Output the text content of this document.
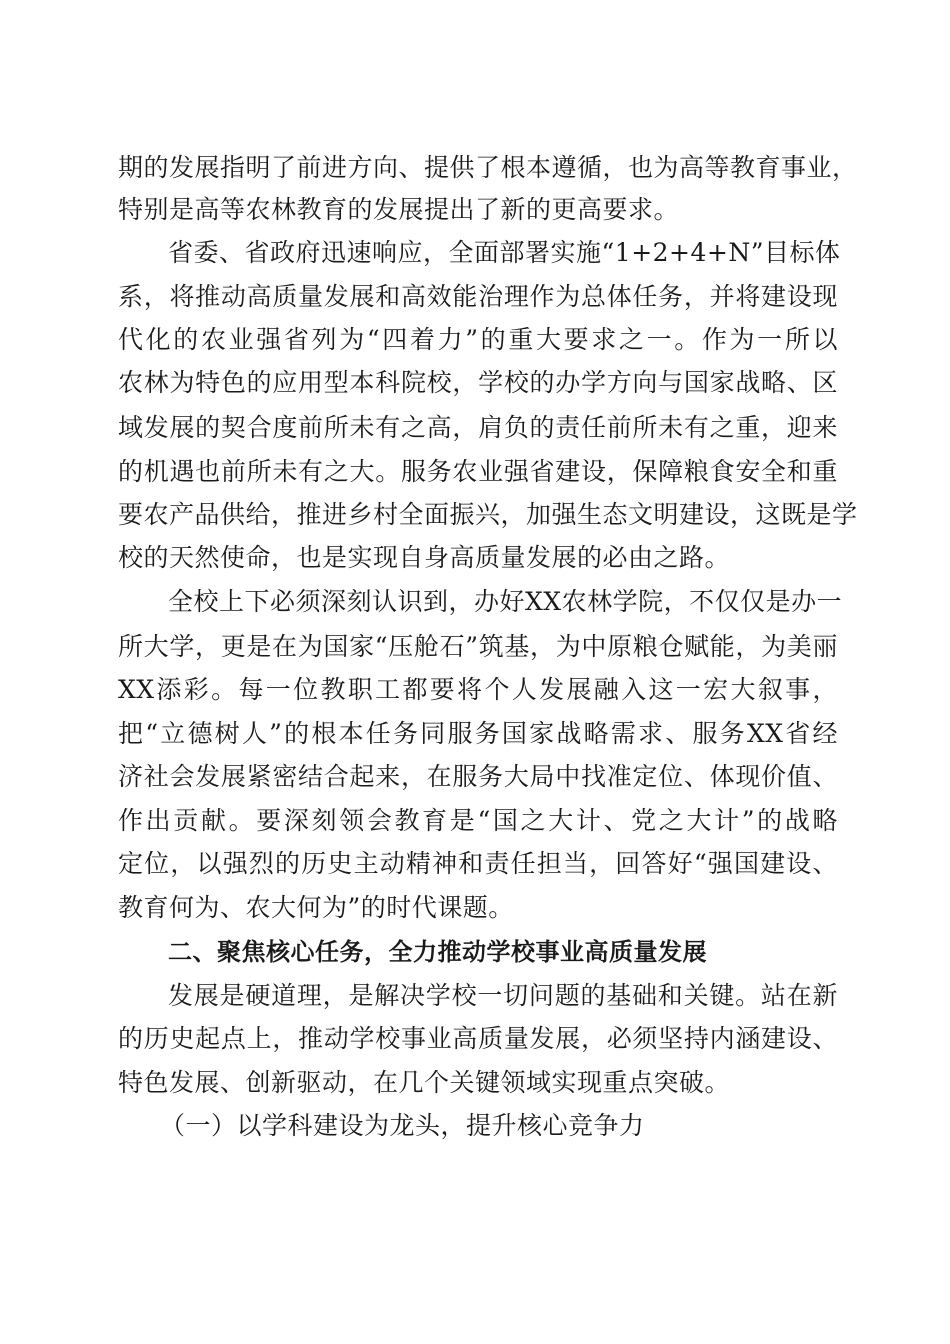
期的发展指明了前进方向、提供了根本遵循，也为高等教育事业，
特别是高等农林教育的发展提出了新的更高要求。
省委、省政府迅速响应，全面部署实施“1+2+4+N”目标体
系，将推动高质量发展和高效能治理作为总体任务，并将建设现
代化的农业强省列为“四着力”的重大要求之一。作为一所以
农林为特色的应用型本科院校，学校的办学方向与国家战略、区
域发展的契合度前所未有之高，肩负的责任前所未有之重，迎来
的机遇也前所未有之大。服务农业强省建设，保障粮食安全和重
要农产品供给，推进乡村全面振兴，加强生态文明建设，这既是学
校的天然使命，也是实现自身高质量发展的必由之路。
全校上下必须深刻认识到，办好XX农林学院，不仅仅是办一
所大学，更是在为国家“压舱石”筑基，为中原粮仓赋能，为美丽
XX添彩。每一位教职工都要将个人发展融入这一宏大叙事，
把“立德树人”的根本任务同服务国家战略需求、服务XX省经
济社会发展紧密结合起来，在服务大局中找准定位、体现价值、
作出贡献。要深刻领会教育是“国之大计、党之大计”的战略
定位，以强烈的历史主动精神和责任担当，回答好“强国建设、
教育何为、农大何为”的时代课题。
二、聚焦核心任务，全力推动学校事业高质量发展
发展是硬道理，是解决学校一切问题的基础和关键。站在新
的历史起点上，推动学校事业高质量发展，必须坚持内涵建设、
特色发展、创新驱动，在几个关键领域实现重点突破。
（一）以学科建设为龙头，提升核心竞争力
